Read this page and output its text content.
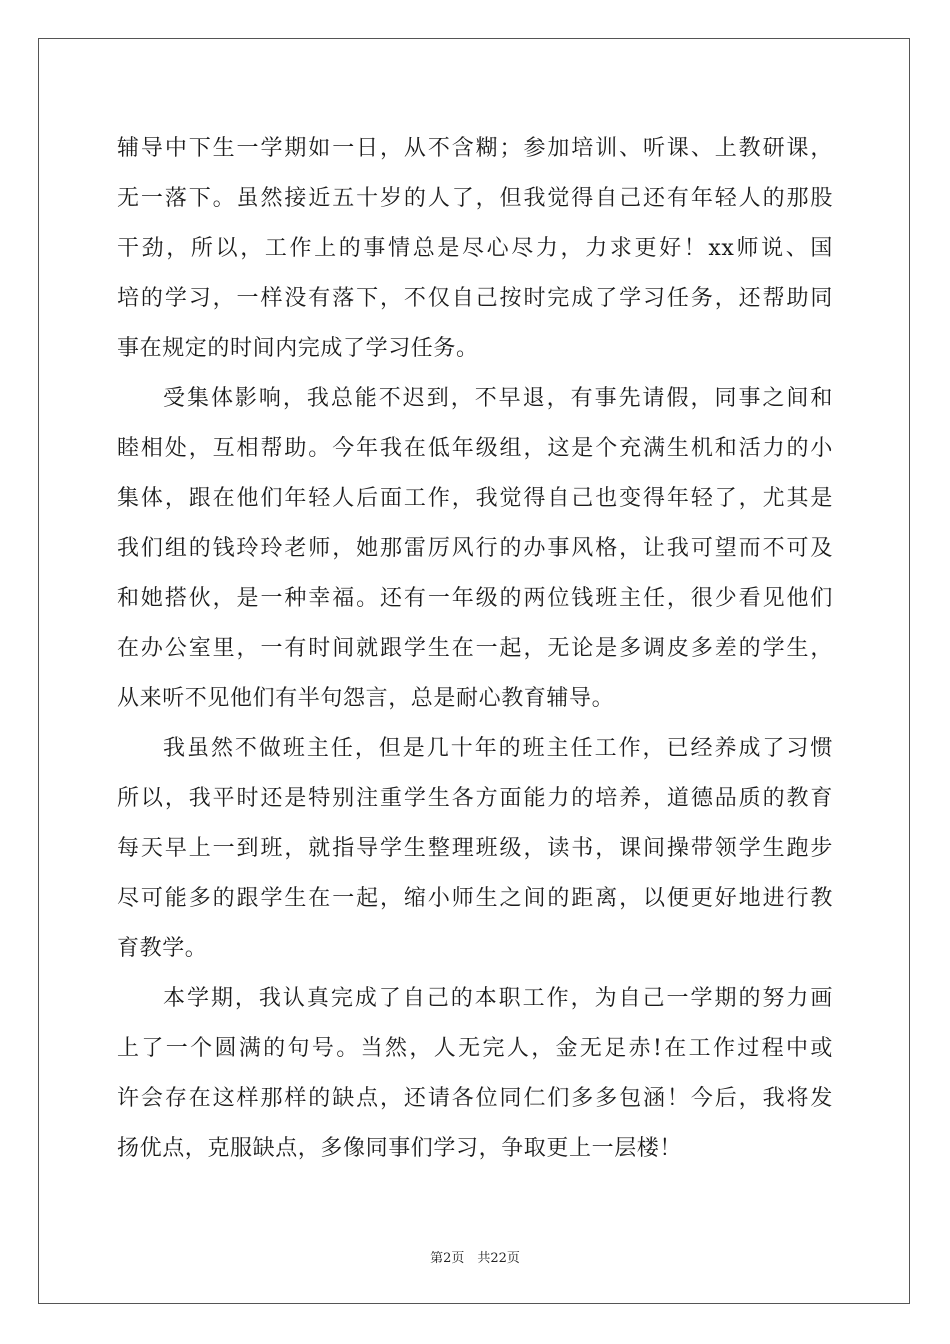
辅导中下生一学期如一日，从不含糊；参加培训、听课、上教研课，
无一落下。虽然接近五十岁的人了，但我觉得自己还有年轻人的那股
干劲，所以，工作上的事情总是尽心尽力，力求更好！xx师说、国
培的学习，一样没有落下，不仅自己按时完成了学习任务，还帮助同
事在规定的时间内完成了学习任务。
受集体影响，我总能不迟到，不早退，有事先请假，同事之间和
睦相处，互相帮助。今年我在低年级组，这是个充满生机和活力的小
集体，跟在他们年轻人后面工作，我觉得自己也变得年轻了，尤其是
我们组的钱玲玲老师，她那雷厉风行的办事风格，让我可望而不可及
和她搭伙，是一种幸福。还有一年级的两位钱班主任，很少看见他们
在办公室里，一有时间就跟学生在一起，无论是多调皮多差的学生，
从来听不见他们有半句怨言，总是耐心教育辅导。
我虽然不做班主任，但是几十年的班主任工作，已经养成了习惯
所以，我平时还是特别注重学生各方面能力的培养，道德品质的教育
每天早上一到班，就指导学生整理班级，读书，课间操带领学生跑步
尽可能多的跟学生在一起，缩小师生之间的距离，以便更好地进行教
育教学。
本学期，我认真完成了自己的本职工作，为自己一学期的努力画
上了一个圆满的句号。当然，人无完人，金无足赤!在工作过程中或
许会存在这样那样的缺点，还请各位同仁们多多包涵！今后，我将发
扬优点，克服缺点，多像同事们学习，争取更上一层楼！
第2页　共22页
